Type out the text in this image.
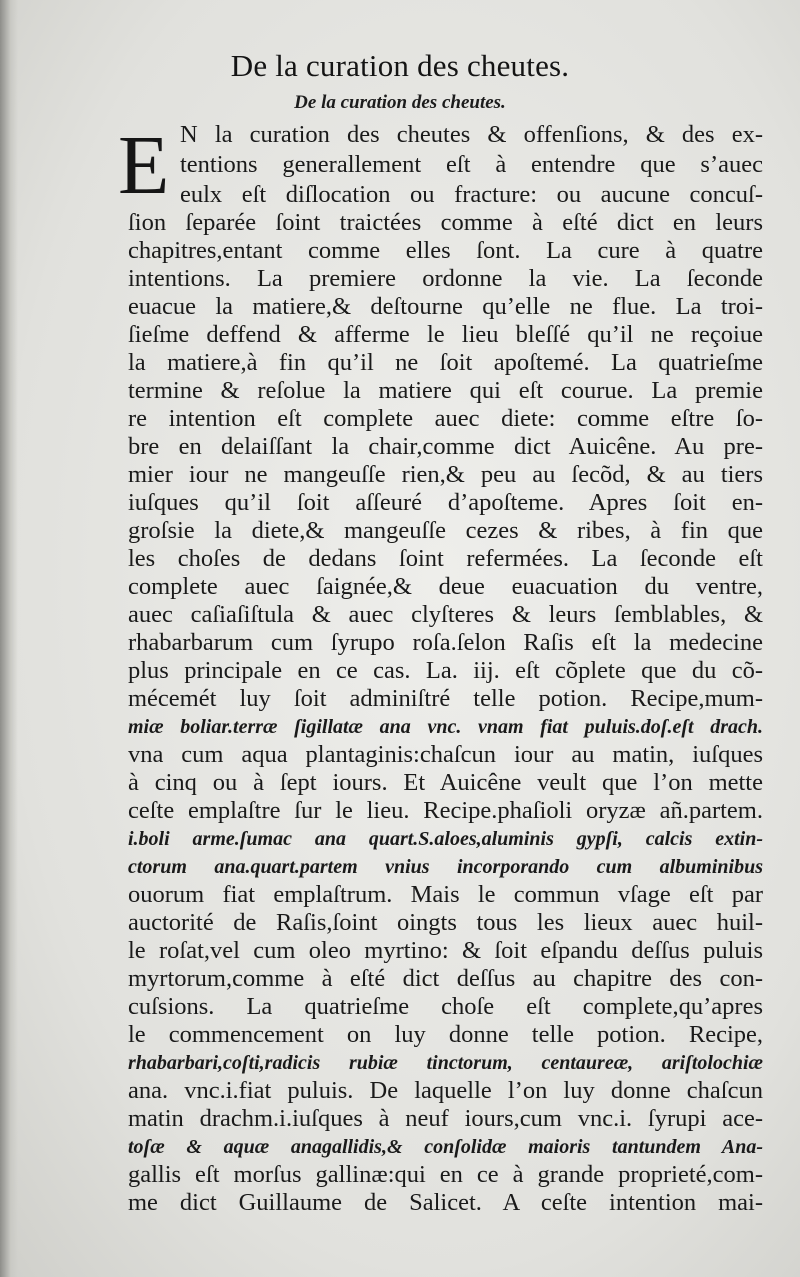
De la curation des cheutes.
De la curation des cheutes.
E N la curation des cheutes & offenſions, & des ex-
tentions generallement eſt à entendre que s’auec
eulx eſt diſlocation ou fracture: ou aucune concuſ-
ſion ſeparée ſoint traictées comme à eſté dict en leurs
chapitres,entant comme elles ſont. La cure à quatre
intentions. La premiere ordonne la vie. La ſeconde
euacue la matiere,& deſtourne qu’elle ne flue. La troi-
ſieſme deffend & afferme le lieu bleſſé qu’il ne reçoiue
la matiere,à fin qu’il ne ſoit apoſtemé. La quatrieſme
termine & reſolue la matiere qui eſt courue. La premie
re intention eſt complete auec diete: comme eſtre ſo-
bre en delaiſſant la chair,comme dict Auicêne. Au pre-
mier iour ne mangeuſſe rien,& peu au ſecõd, & au tiers
iuſques qu’il ſoit aſſeuré d’apoſteme. Apres ſoit en-
groſsie la diete,& mangeuſſe cezes & ribes, à fin que
les choſes de dedans ſoint refermées. La ſeconde eſt
complete auec ſaignée,& deue euacuation du ventre,
auec caſiaſiſtula & auec clyſteres & leurs ſemblables, &
rhabarbarum cum ſyrupo roſa.ſelon Raſis eſt la medecine
plus principale en ce cas. La. iij. eſt cõplete que du cõ-
mécemét luy ſoit adminiſtré telle potion. Recipe,mum-
miæ boliar.terræ ſigillatæ ana vnc. vnam fiat puluis.doſ.eſt drach.
vna cum aqua plantaginis:chaſcun iour au matin, iuſques
à cinq ou à ſept iours. Et Auicêne veult que l’on mette
ceſte emplaſtre ſur le lieu. Recipe.phaſioli oryzæ añ.partem.
i.boli arme.ſumac ana quart.S.aloes,aluminis gypſi, calcis extin-
ctorum ana.quart.partem vnius incorporando cum albuminibus
ouorum fiat emplaſtrum. Mais le commun vſage eſt par
auctorité de Raſis,ſoint oingts tous les lieux auec huil-
le roſat,vel cum oleo myrtino: & ſoit eſpandu deſſus puluis
myrtorum,comme à eſté dict deſſus au chapitre des con-
cuſsions. La quatrieſme choſe eſt complete,qu’apres
le commencement on luy donne telle potion. Recipe,
rhabarbari,coſti,radicis rubiæ tinctorum, centaureæ, ariſtolochiæ
ana. vnc.i.fiat puluis. De laquelle l’on luy donne chaſcun
matin drachm.i.iuſques à neuf iours,cum vnc.i. ſyrupi ace-
toſæ & aquæ anagallidis,& conſolidæ maioris tantundem Ana-
gallis eſt morſus gallinæ:qui en ce à grande proprieté,com-
me dict Guillaume de Salicet. A ceſte intention mai-
